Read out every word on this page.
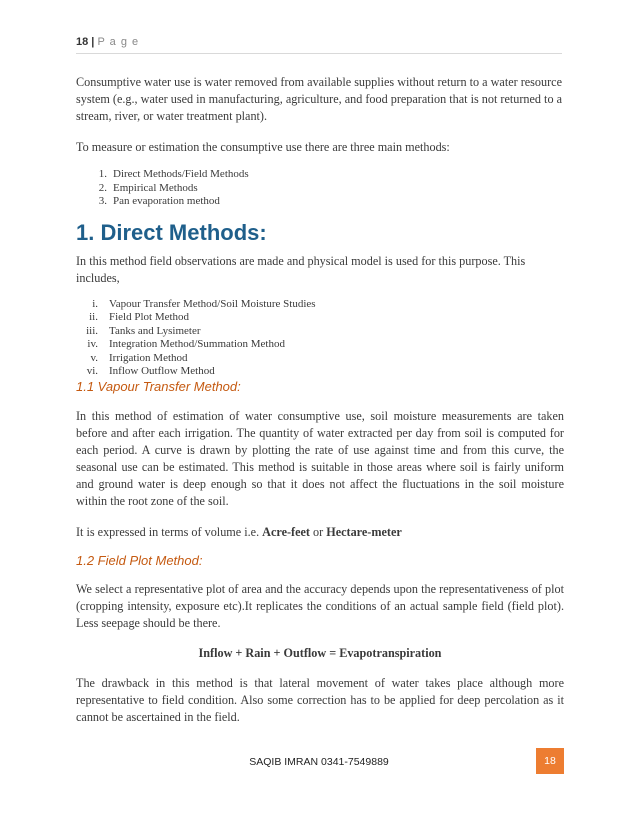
18 | P a g e

Consumptive water use is water removed from available supplies without return to a water resource system (e.g., water used in manufacturing, agriculture, and food preparation that is not returned to a stream, river, or water treatment plant).

To measure or estimation the consumptive use there are three main methods:

1. Direct Methods/Field Methods
2. Empirical Methods
3. Pan evaporation method
1. Direct Methods:

In this method field observations are made and physical model is used for this purpose. This includes,

i. Vapour Transfer Method/Soil Moisture Studies
ii. Field Plot Method
iii. Tanks and Lysimeter
iv. Integration Method/Summation Method
v. Irrigation Method
vi. Inflow Outflow Method
1.1 Vapour Transfer Method:

In this method of estimation of water consumptive use, soil moisture measurements are taken before and after each irrigation. The quantity of water extracted per day from soil is computed for each period. A curve is drawn by plotting the rate of use against time and from this curve, the seasonal use can be estimated. This method is suitable in those areas where soil is fairly uniform and ground water is deep enough so that it does not affect the fluctuations in the soil moisture within the root zone of the soil.

It is expressed in terms of volume i.e. Acre-feet or Hectare-meter

1.2 Field Plot Method:

We select a representative plot of area and the accuracy depends upon the representativeness of plot (cropping intensity, exposure etc).It replicates the conditions of an actual sample field (field plot). Less seepage should be there.

Inflow + Rain + Outflow = Evapotranspiration

The drawback in this method is that lateral movement of water takes place although more representative to field condition. Also some correction has to be applied for deep percolation as it cannot be ascertained in the field.

SAQIB IMRAN 0341-7549889	18
